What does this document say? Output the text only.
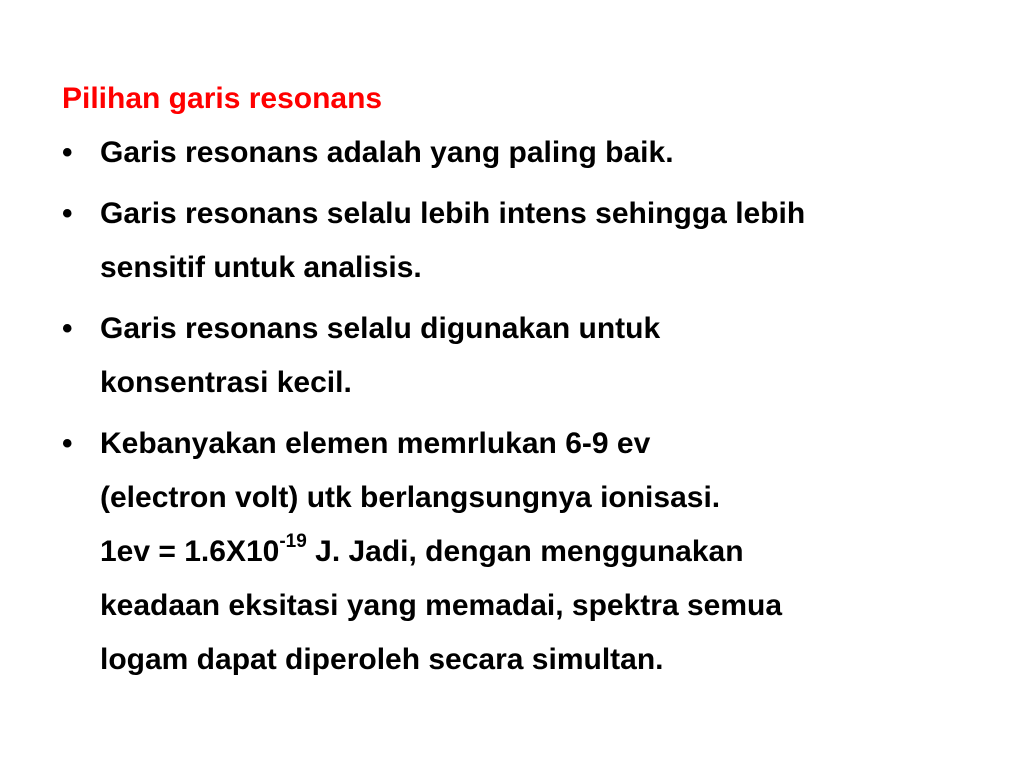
Pilihan garis resonans
• Garis resonans adalah yang paling baik.
• Garis resonans selalu lebih intens sehingga lebih
sensitif untuk analisis.
• Garis resonans selalu digunakan untuk
konsentrasi kecil.
• Kebanyakan elemen memrlukan 6-9 ev
(electron volt) utk berlangsungnya ionisasi.
$1ev = 1.6X10^{-19}$ J. Jadi, dengan menggunakan
keadaan eksitasi yang memadai, spektra semua
logam dapat diperoleh secara simultan.
